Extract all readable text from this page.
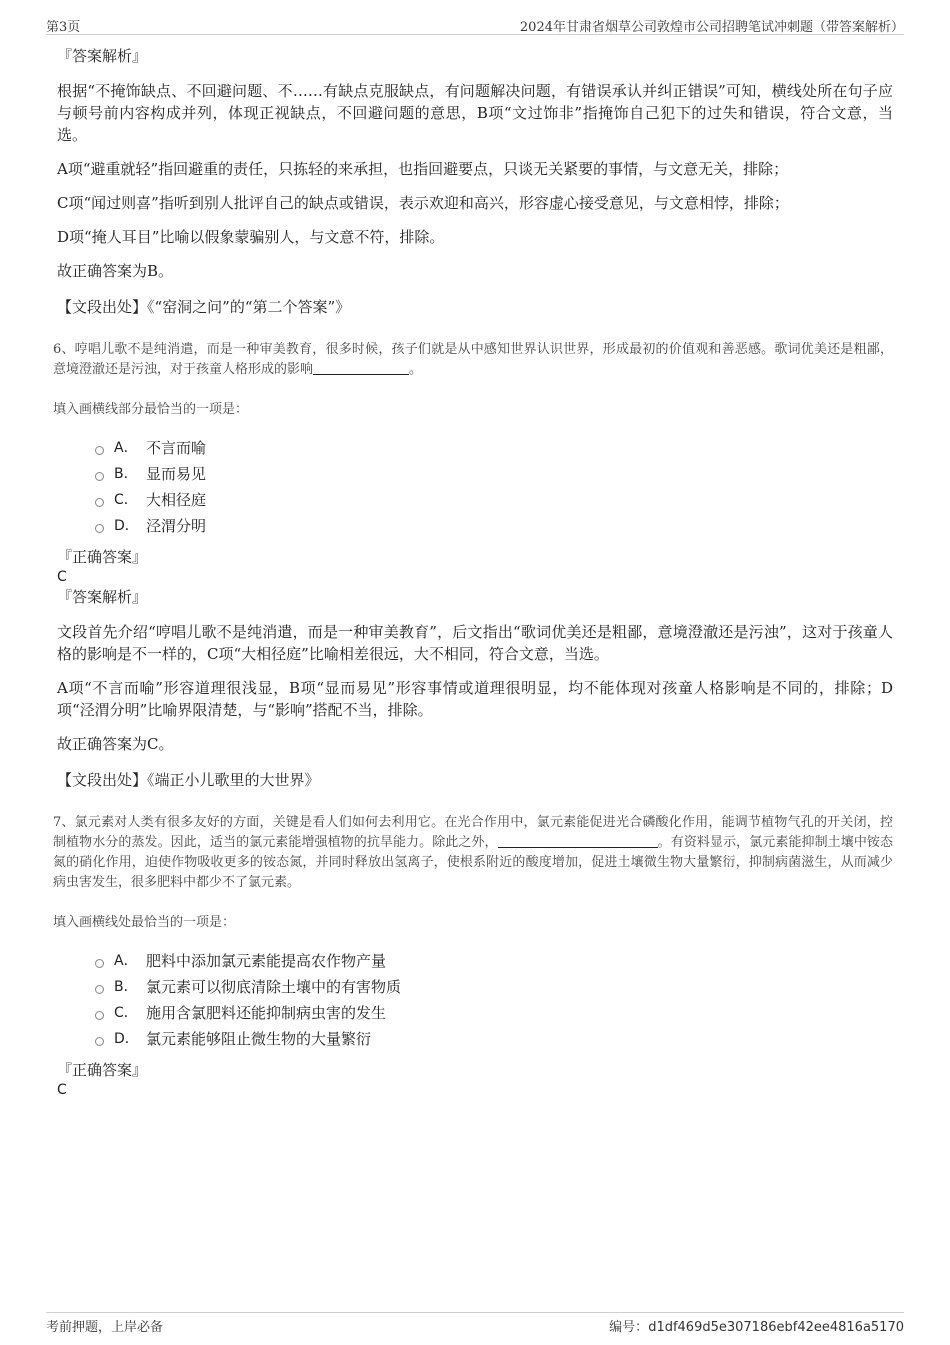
第3页	2024年甘肃省烟草公司敦煌市公司招聘笔试冲刺题（带答案解析）
『答案解析』

根据“不掩饰缺点、不回避问题、不……有缺点克服缺点，有问题解决问题，有错误承认并纠正错误”可知，横线处所在句子应与顿号前内容构成并列，体现正视缺点，不回避问题的意思，B项“文过饰非”指掩饰自己犯下的过失和错误，符合文意，当选。

A项“避重就轻”指回避重的责任，只拣轻的来承担，也指回避要点，只谈无关紧要的事情，与文意无关，排除；

C项“闻过则喜”指听到别人批评自己的缺点或错误，表示欢迎和高兴，形容虚心接受意见，与文意相悖，排除；

D项“掩人耳目”比喻以假象蒙骗别人，与文意不符，排除。

故正确答案为B。

【文段出处】《“窑洞之问”的“第二个答案”》
6、哼唱儿歌不是纯消遣，而是一种审美教育，很多时候，孩子们就是从中感知世界认识世界，形成最初的价值观和善恶感。歌词优美还是粗鄙，意境澄澈还是污浊，对于孩童人格形成的影响	。
填入画横线部分最恰当的一项是：
A． 不言而喻
B． 显而易见
C． 大相径庭
D． 泾渭分明
『正确答案』
C
『答案解析』

文段首先介绍“哼唱儿歌不是纯消遣，而是一种审美教育”，后文指出“歌词优美还是粗鄙，意境澄澈还是污浊”，这对于孩童人格的影响是不一样的，C项“大相径庭”比喻相差很远，大不相同，符合文意，当选。

A项“不言而喻”形容道理很浅显，B项“显而易见”形容事情或道理很明显，均不能体现对孩童人格影响是不同的，排除；D项“泾渭分明”比喻界限清楚，与“影响”搭配不当，排除。

故正确答案为C。

【文段出处】《端正小儿歌里的大世界》
7、氯元素对人类有很多友好的方面，关键是看人们如何去利用它。在光合作用中，氯元素能促进光合磷酸化作用，能调节植物气孔的开关闭，控制植物水分的蒸发。因此，适当的氯元素能增强植物的抗旱能力。除此之外，	。有资料显示，氯元素能抑制土壤中铵态氮的硝化作用，迫使作物吸收更多的铵态氮，并同时释放出氢离子，使根系附近的酸度增加，促进土壤微生物大量繁衍，抑制病菌滋生，从而减少病虫害发生，很多肥料中都少不了氯元素。
填入画横线处最恰当的一项是：
A． 肥料中添加氯元素能提高农作物产量
B． 氯元素可以彻底清除土壤中的有害物质
C． 施用含氯肥料还能抑制病虫害的发生
D． 氯元素能够阻止微生物的大量繁衍
『正确答案』
C
考前押题，上岸必备	编号：d1df469d5e307186ebf42ee4816a5170
